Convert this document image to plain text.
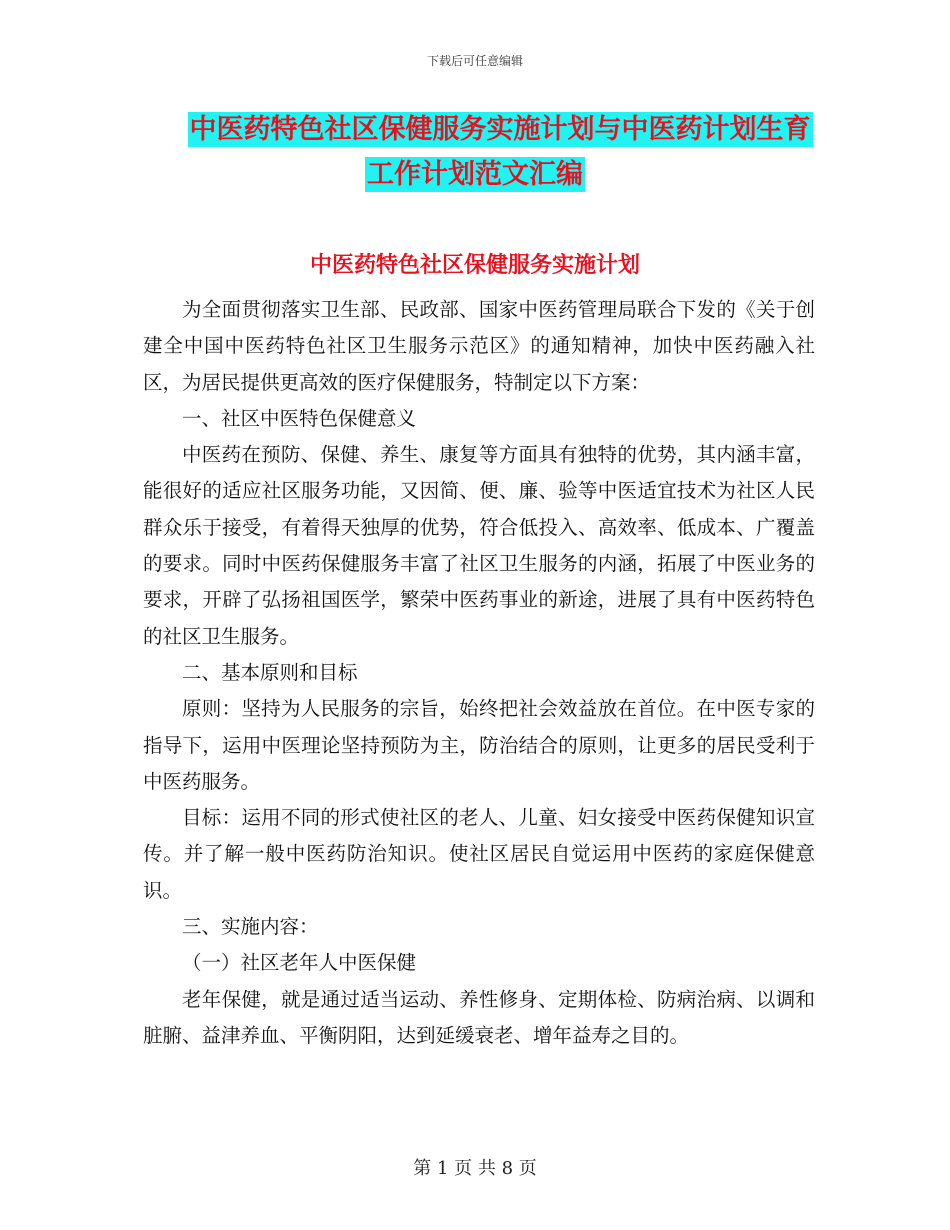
下载后可任意编辑
中医药特色社区保健服务实施计划与中医药计划生育
工作计划范文汇编
中医药特色社区保健服务实施计划

为全面贯彻落实卫生部、民政部、国家中医药管理局联合下发的《关于创建全中国中医药特色社区卫生服务示范区》的通知精神，加快中医药融入社区，为居民提供更高效的医疗保健服务，特制定以下方案：

一、社区中医特色保健意义

中医药在预防、保健、养生、康复等方面具有独特的优势，其内涵丰富，能很好的适应社区服务功能，又因简、便、廉、验等中医适宜技术为社区人民群众乐于接受，有着得天独厚的优势，符合低投入、高效率、低成本、广覆盖的要求。同时中医药保健服务丰富了社区卫生服务的内涵，拓展了中医业务的要求，开辟了弘扬祖国医学，繁荣中医药事业的新途，进展了具有中医药特色的社区卫生服务。

二、基本原则和目标

原则：坚持为人民服务的宗旨，始终把社会效益放在首位。在中医专家的指导下，运用中医理论坚持预防为主，防治结合的原则，让更多的居民受利于中医药服务。

目标：运用不同的形式使社区的老人、儿童、妇女接受中医药保健知识宣传。并了解一般中医药防治知识。使社区居民自觉运用中医药的家庭保健意识。

三、实施内容：

（一）社区老年人中医保健

老年保健，就是通过适当运动、养性修身、定期体检、防病治病、以调和脏腑、益津养血、平衡阴阳，达到延缓衰老、增年益寿之目的。

第 1 页 共 8 页
